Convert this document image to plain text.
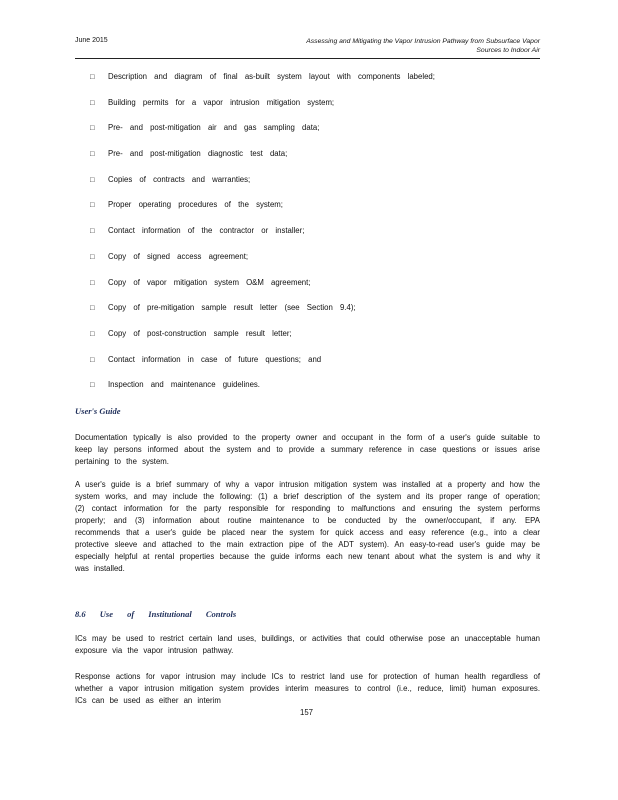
June 2015	Assessing and Mitigating the Vapor Intrusion Pathway from Subsurface Vapor Sources to Indoor Air
□ Description and diagram of final as-built system layout with components labeled;
□ Building permits for a vapor intrusion mitigation system;
□ Pre- and post-mitigation air and gas sampling data;
□ Pre- and post-mitigation diagnostic test data;
□ Copies of contracts and warranties;
□ Proper operating procedures of the system;
□ Contact information of the contractor or installer;
□ Copy of signed access agreement;
□ Copy of vapor mitigation system O&M agreement;
□ Copy of pre-mitigation sample result letter (see Section 9.4);
□ Copy of post-construction sample result letter;
□ Contact information in case of future questions; and
□ Inspection and maintenance guidelines.
User's Guide

Documentation typically is also provided to the property owner and occupant in the form of a user's guide suitable to keep lay persons informed about the system and to provide a summary reference in case questions or issues arise pertaining to the system.

A user's guide is a brief summary of why a vapor intrusion mitigation system was installed at a property and how the system works, and may include the following: (1) a brief description of the system and its proper range of operation; (2) contact information for the party responsible for responding to malfunctions and ensuring the system performs properly; and (3) information about routine maintenance to be conducted by the owner/occupant, if any. EPA recommends that a user's guide be placed near the system for quick access and easy reference (e.g., into a clear protective sleeve and attached to the main extraction pipe of the ADT system). An easy-to-read user's guide may be especially helpful at rental properties because the guide informs each new tenant about what the system is and why it was installed.

8.6 Use of Institutional Controls

ICs may be used to restrict certain land uses, buildings, or activities that could otherwise pose an unacceptable human exposure via the vapor intrusion pathway.

Response actions for vapor intrusion may include ICs to restrict land use for protection of human health regardless of whether a vapor intrusion mitigation system provides interim measures to control (i.e., reduce, limit) human exposures. ICs can be used as either an interim

157
